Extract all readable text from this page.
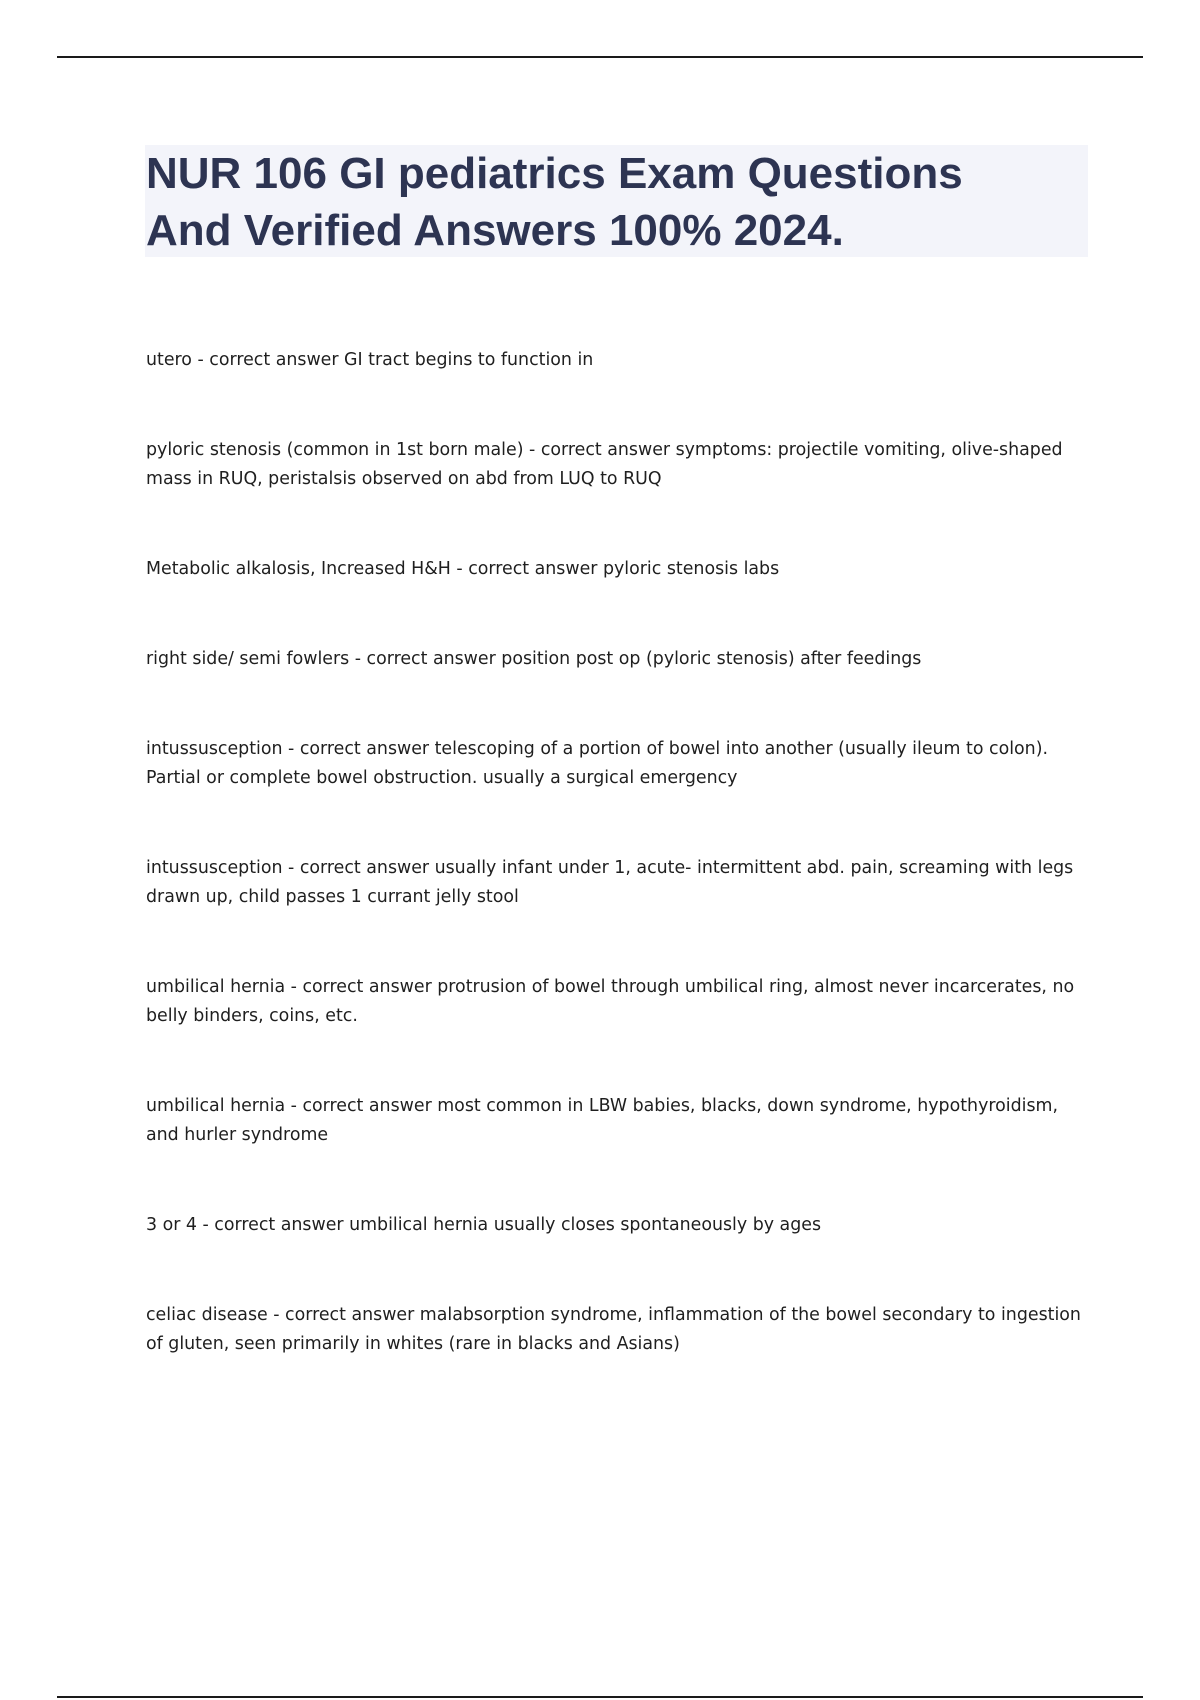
NUR 106 GI pediatrics Exam Questions
And Verified Answers 100% 2024.
utero - correct answer GI tract begins to function in
pyloric stenosis (common in 1st born male) - correct answer symptoms: projectile vomiting, olive-shaped mass in RUQ, peristalsis observed on abd from LUQ to RUQ
Metabolic alkalosis, Increased H&H - correct answer pyloric stenosis labs
right side/ semi fowlers - correct answer position post op (pyloric stenosis) after feedings
intussusception - correct answer telescoping of a portion of bowel into another (usually ileum to colon). Partial or complete bowel obstruction. usually a surgical emergency
intussusception - correct answer usually infant under 1, acute- intermittent abd. pain, screaming with legs drawn up, child passes 1 currant jelly stool
umbilical hernia - correct answer protrusion of bowel through umbilical ring, almost never incarcerates, no belly binders, coins, etc.
umbilical hernia - correct answer most common in LBW babies, blacks, down syndrome, hypothyroidism, and hurler syndrome
3 or 4 - correct answer umbilical hernia usually closes spontaneously by ages
celiac disease - correct answer malabsorption syndrome, inflammation of the bowel secondary to ingestion of gluten, seen primarily in whites (rare in blacks and Asians)
